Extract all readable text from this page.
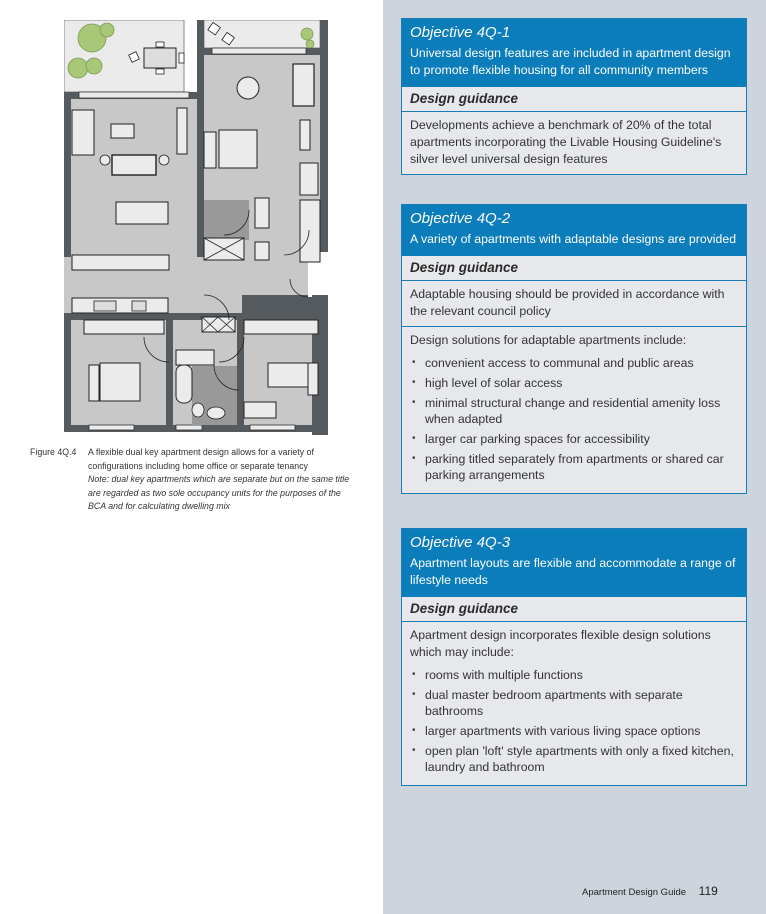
Figure 4Q.4 A flexible dual key apartment design allows for a variety of configurations including home office or separate tenancy
Note: dual key apartments which are separate but on the same title are regarded as two sole occupancy units for the purposes of the BCA and for calculating dwelling mix
Objective 4Q-1
Universal design features are included in apartment design to promote flexible housing for all community members
Design guidance
Developments achieve a benchmark of 20% of the total apartments incorporating the Livable Housing Guideline's silver level universal design features
Objective 4Q-2
A variety of apartments with adaptable designs are provided
Design guidance
Adaptable housing should be provided in accordance with the relevant council policy
Design solutions for adaptable apartments include:
• convenient access to communal and public areas
• high level of solar access
• minimal structural change and residential amenity loss when adapted
• larger car parking spaces for accessibility
• parking titled separately from apartments or shared car parking arrangements
Objective 4Q-3
Apartment layouts are flexible and accommodate a range of lifestyle needs
Design guidance
Apartment design incorporates flexible design solutions which may include:
• rooms with multiple functions
• dual master bedroom apartments with separate bathrooms
• larger apartments with various living space options
• open plan 'loft' style apartments with only a fixed kitchen, laundry and bathroom
Apartment Design Guide 119
